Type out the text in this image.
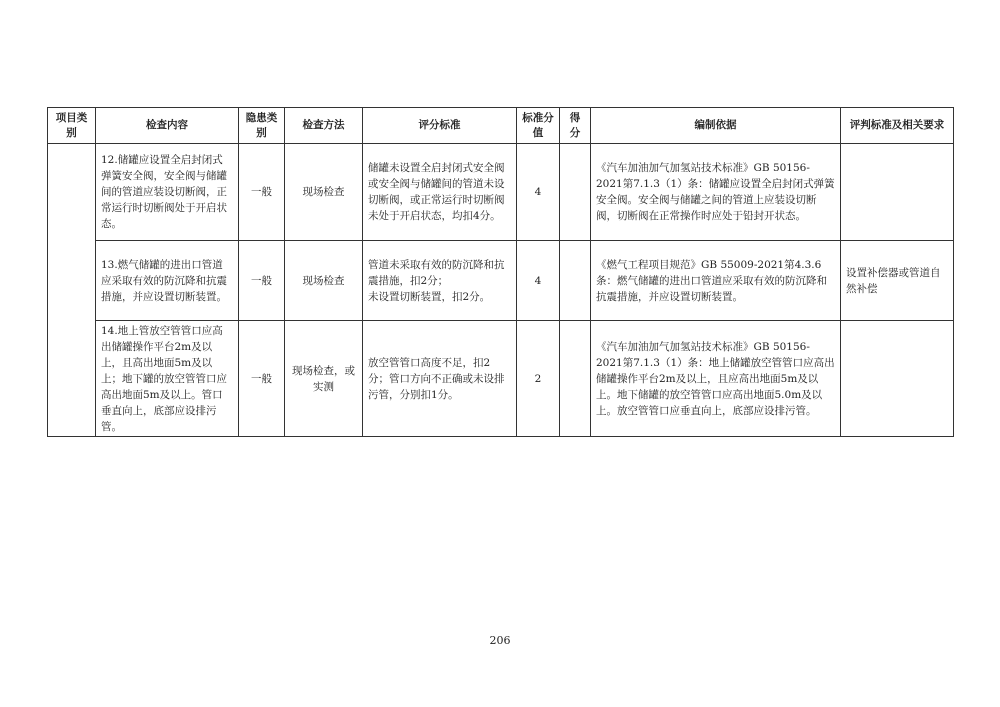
项目类别	检查内容	隐患类别	检查方法	评分标准	标准分值	得分	编制依据	评判标准及相关要求
	12.储罐应设置全启封闭式弹簧安全阀，安全阀与储罐间的管道应装设切断阀，正常运行时切断阀处于开启状态。	一般	现场检查	储罐未设置全启封闭式安全阀或安全阀与储罐间的管道未设切断阀，或正常运行时切断阀未处于开启状态，均扣4分。	4		《汽车加油加气加氢站技术标准》GB 50156-2021第7.1.3（1）条：储罐应设置全启封闭式弹簧安全阀。安全阀与储罐之间的管道上应装设切断阀，切断阀在正常操作时应处于铅封开状态。	
	13.燃气储罐的进出口管道应采取有效的防沉降和抗震措施，并应设置切断装置。	一般	现场检查	管道未采取有效的防沉降和抗震措施，扣2分；
未设置切断装置，扣2分。	4		《燃气工程项目规范》GB 55009-2021第4.3.6条：燃气储罐的进出口管道应采取有效的防沉降和抗震措施，并应设置切断装置。	设置补偿器或管道自然补偿
	14.地上管放空管管口应高出储罐操作平台2m及以上，且高出地面5m及以上；地下罐的放空管管口应高出地面5m及以上。管口垂直向上，底部应设排污管。	一般	现场检查，或实测	放空管管口高度不足，扣2分；管口方向不正确或未设排污管，分别扣1分。	2		《汽车加油加气加氢站技术标准》GB 50156-2021第7.1.3（1）条：地上储罐放空管管口应高出储罐操作平台2m及以上，且应高出地面5m及以上。地下储罐的放空管管口应高出地面5.0m及以上。放空管管口应垂直向上，底部应设排污管。	
206
